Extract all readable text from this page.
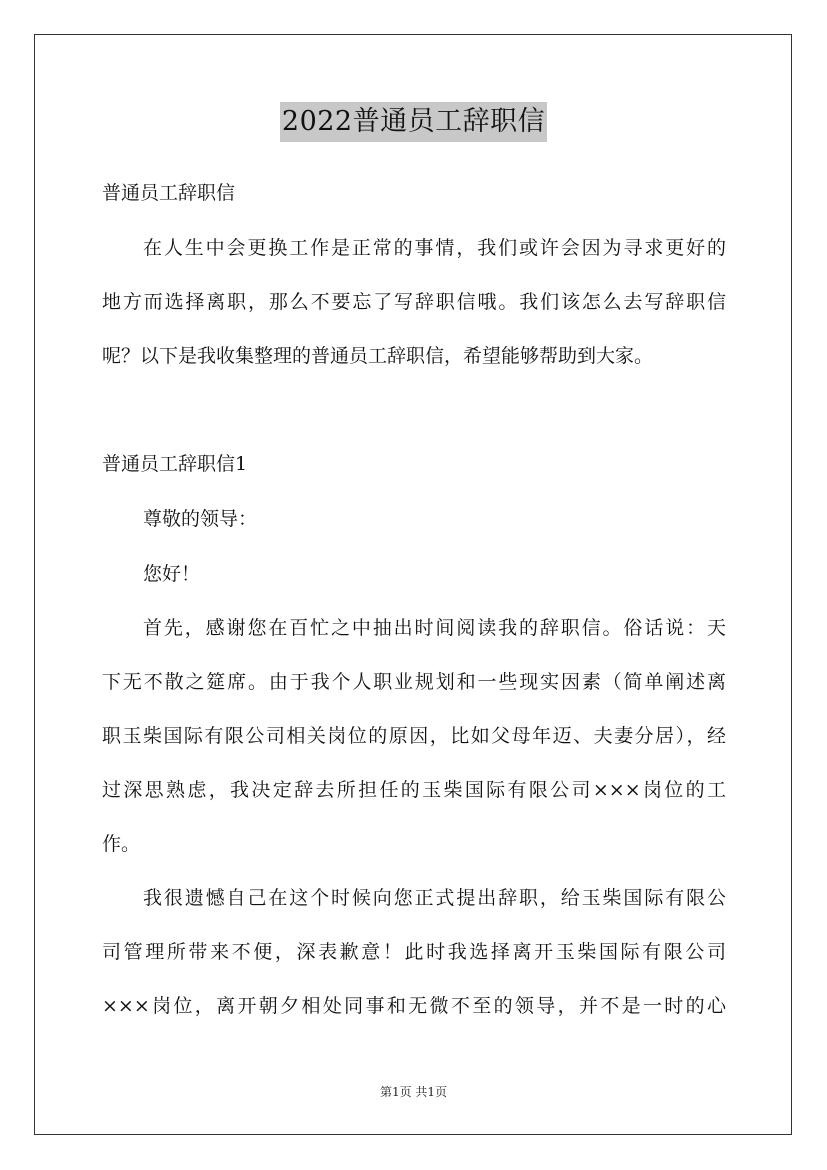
2022普通员工辞职信
普通员工辞职信
在人生中会更换工作是正常的事情，我们或许会因为寻求更好的
地方而选择离职，那么不要忘了写辞职信哦。我们该怎么去写辞职信
呢？以下是我收集整理的普通员工辞职信，希望能够帮助到大家。
普通员工辞职信1
尊敬的领导：
您好！
首先，感谢您在百忙之中抽出时间阅读我的辞职信。俗话说：天
下无不散之筵席。由于我个人职业规划和一些现实因素（简单阐述离
职玉柴国际有限公司相关岗位的原因，比如父母年迈、夫妻分居），经
过深思熟虑，我决定辞去所担任的玉柴国际有限公司×××岗位的工
作。
我很遗憾自己在这个时候向您正式提出辞职，给玉柴国际有限公
司管理所带来不便，深表歉意！此时我选择离开玉柴国际有限公司
×××岗位，离开朝夕相处同事和无微不至的领导，并不是一时的心
第1页 共1页
